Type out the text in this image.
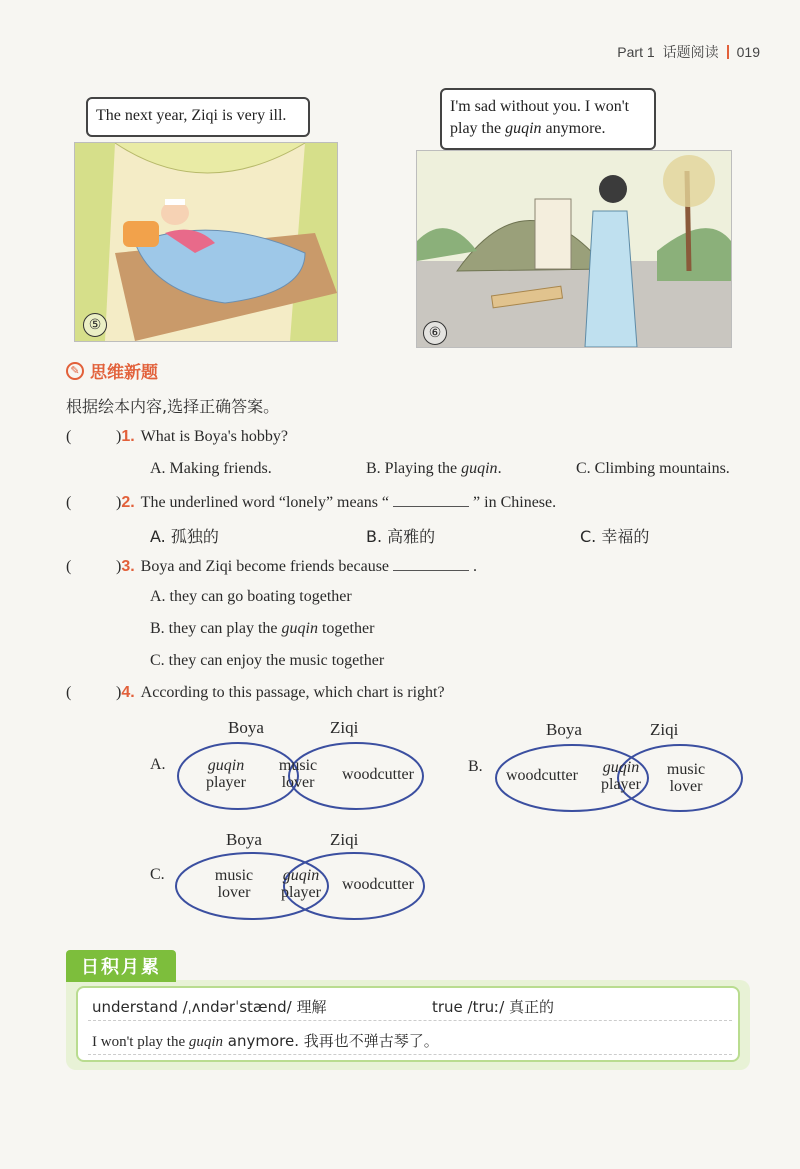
Part 1 话题阅读 019
⑤
The next year, Ziqi is very ill.
⑥
I'm sad without you. I won't
play the guqin anymore.
✎ 思维新题
根据绘本内容,选择正确答案。
(	) 1. What is Boya's hobby?
A. Making friends.	B. Playing the guqin.	C. Climbing mountains.
(	) 2. The underlined word “lonely” means “	” in Chinese.
A. 孤独的	B. 高雅的	C. 幸福的
(	) 3. Boya and Ziqi become friends because	.
A. they can go boating together
B. they can play the guqin together
C. they can enjoy the music together
(	) 4. According to this passage, which chart is right?
A.
Boya	Ziqi
guqin
player
music
lover	woodcutter	B.
Boya	Ziqi
woodcutter	guqin
player
music
lover
C.
Boya	Ziqi
music
lover
guqin
player	woodcutter
日积月累
understand /ˌʌndərˈstænd/ 理解	true /truː/ 真正的
I won't play the guqin anymore. 我再也不弹古琴了。
